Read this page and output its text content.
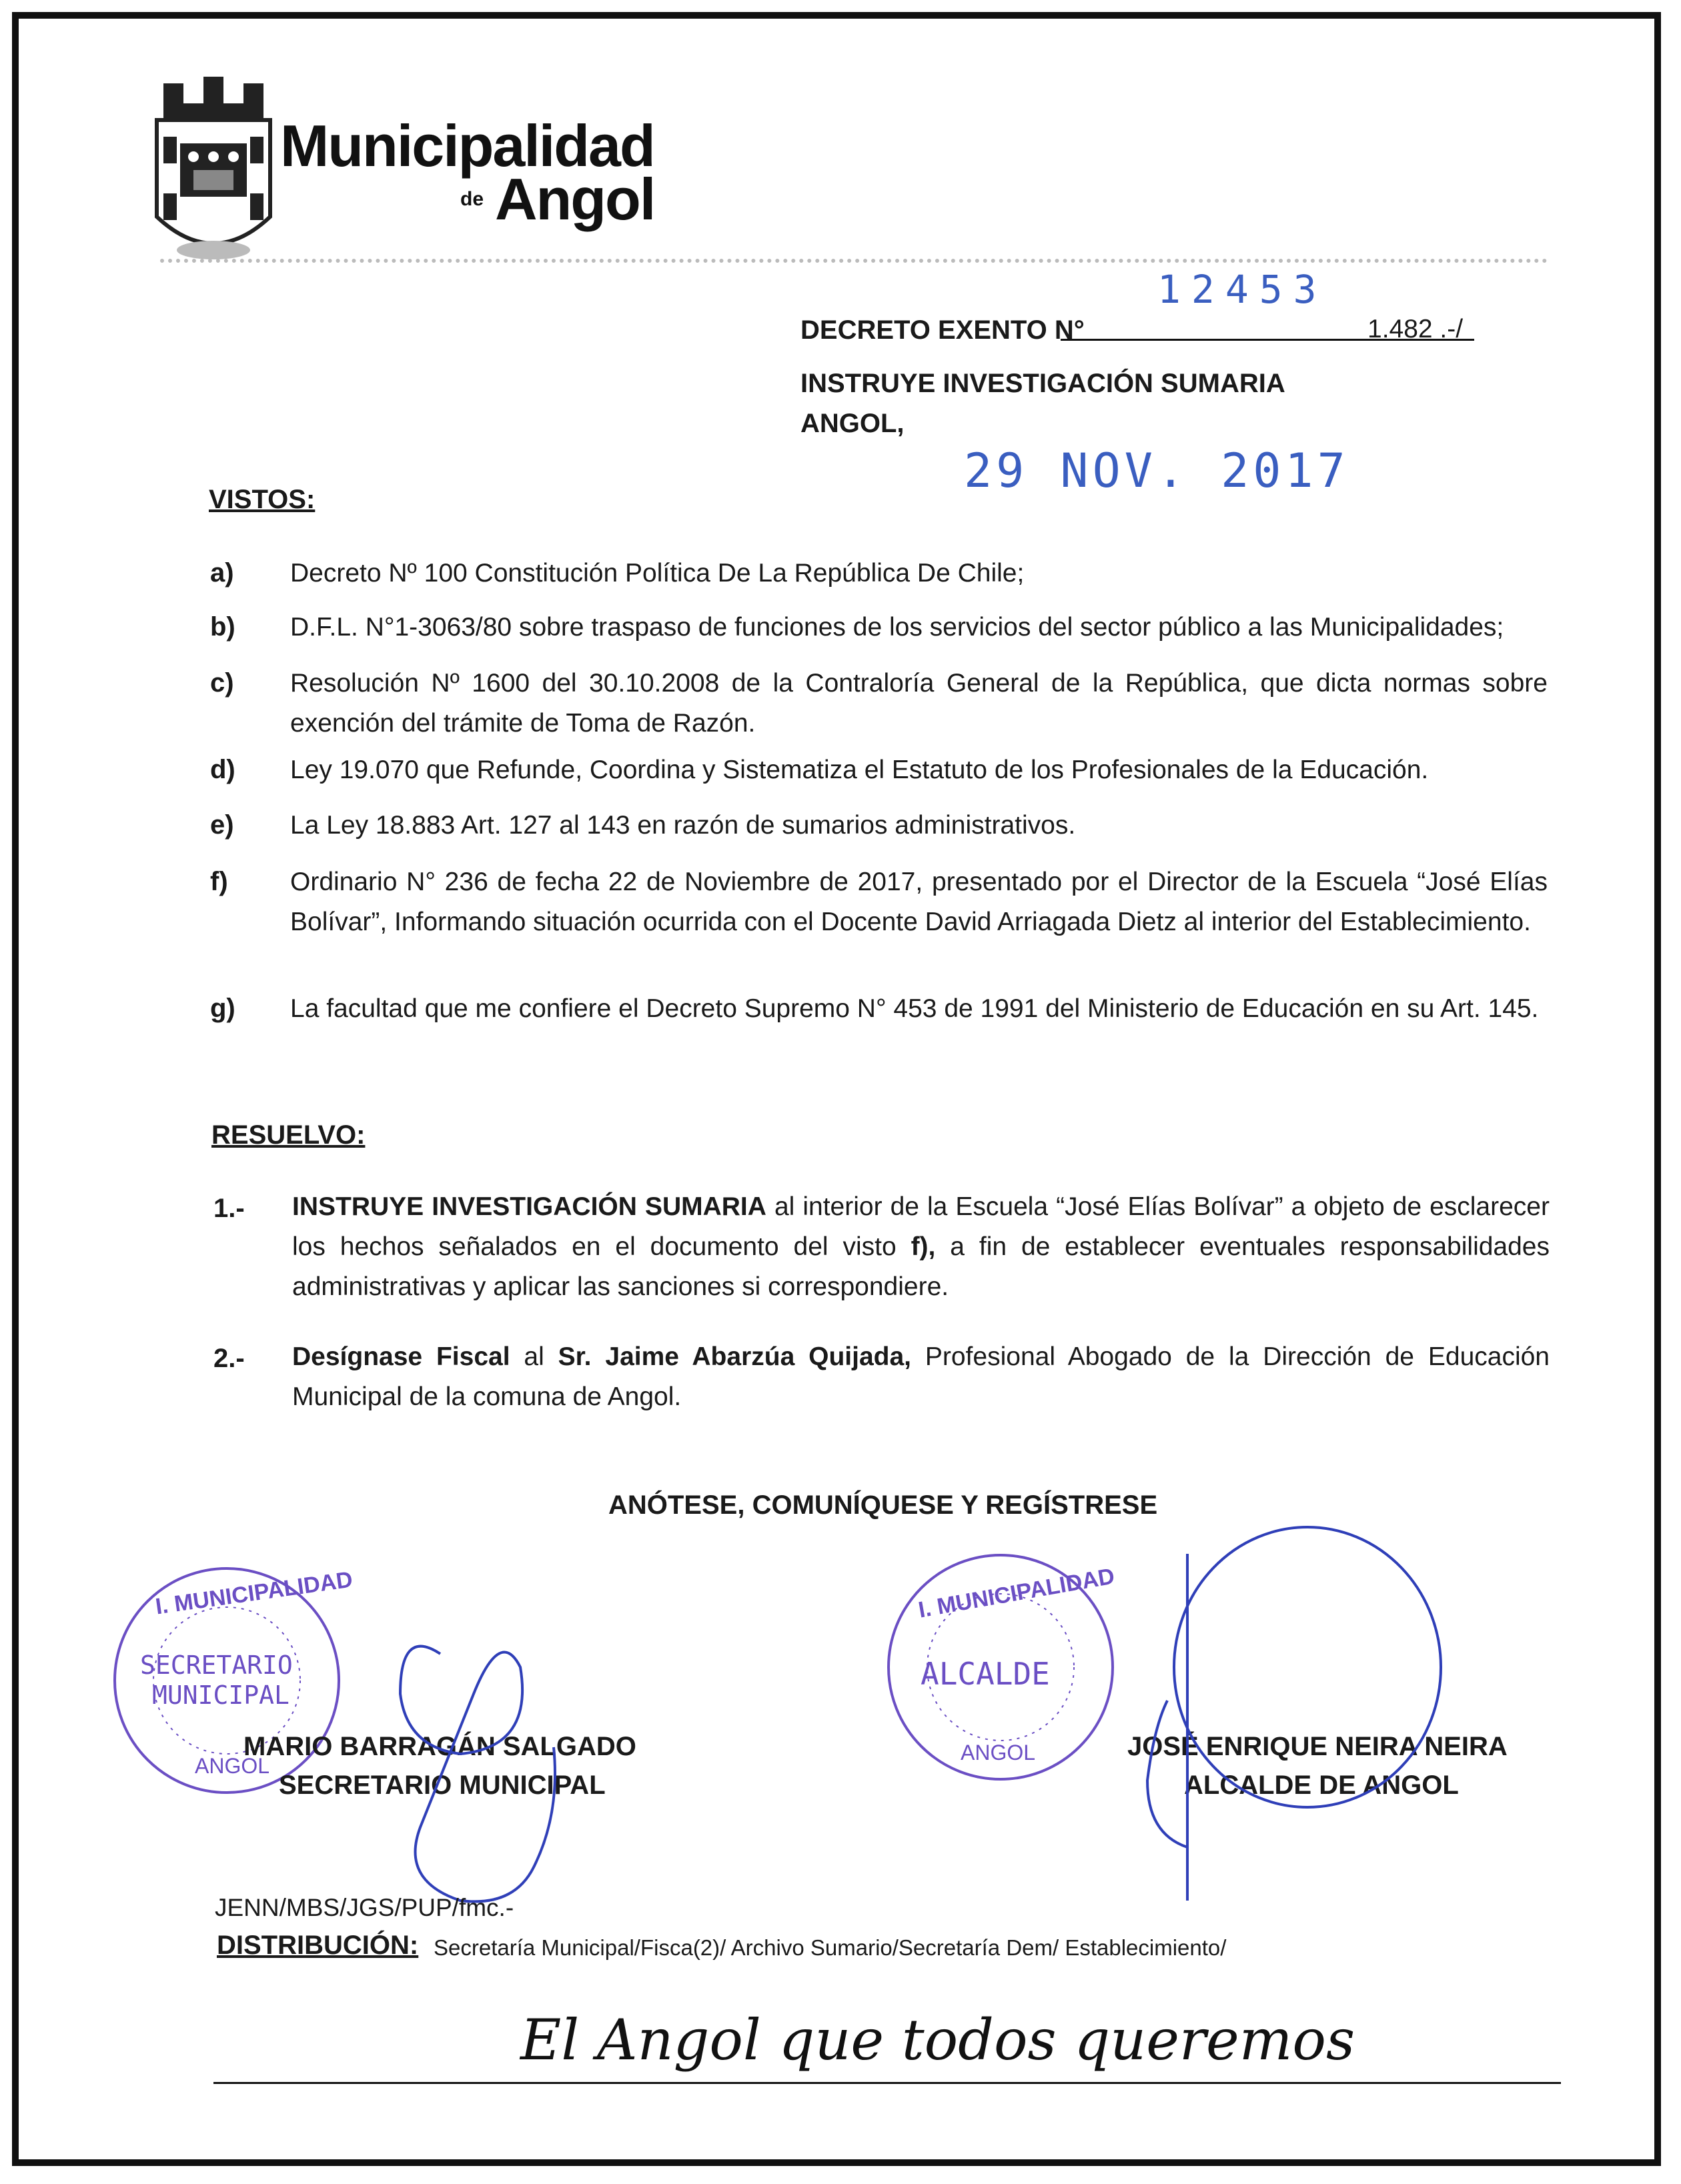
Municipalidad
de Angol
12453
DECRETO EXENTO N°	1.482 .-/
INSTRUYE INVESTIGACIÓN SUMARIA
ANGOL,
29 NOV. 2017
VISTOS:
a) Decreto Nº 100 Constitución Política De La República De Chile;
b) D.F.L. N°1-3063/80 sobre traspaso de funciones de los servicios del sector público a las Municipalidades;
c) Resolución Nº 1600 del 30.10.2008 de la Contraloría General de la República, que dicta normas sobre exención del trámite de Toma de Razón.
d) Ley 19.070 que Refunde, Coordina y Sistematiza el Estatuto de los Profesionales de la Educación.
e) La Ley 18.883 Art. 127 al 143 en razón de sumarios administrativos.
f) Ordinario N° 236 de fecha 22 de Noviembre de 2017, presentado por el Director de la Escuela “José Elías Bolívar”, Informando situación ocurrida con el Docente David Arriagada Dietz al interior del Establecimiento.
g) La facultad que me confiere el Decreto Supremo N° 453 de 1991 del Ministerio de Educación en su Art. 145.
RESUELVO:
1.- INSTRUYE INVESTIGACIÓN SUMARIA al interior de la Escuela “José Elías Bolívar” a objeto de esclarecer los hechos señalados en el documento del visto f), a fin de establecer eventuales responsabilidades administrativas y aplicar las sanciones si correspondiere.
2.- Desígnase Fiscal al Sr. Jaime Abarzúa Quijada, Profesional Abogado de la Dirección de Educación Municipal de la comuna de Angol.
ANÓTESE, COMUNÍQUESE Y REGÍSTRESE
I. MUNICIPALIDAD
SECRETARIO
MUNICIPAL
ANGOL
I. MUNICIPALIDAD
ALCALDE
ANGOL
MARIO BARRAGÁN SALGADO
SECRETARIO MUNICIPAL
JOSÉ ENRIQUE NEIRA NEIRA
ALCALDE DE ANGOL
JENN/MBS/JGS/PUP/fmc.-
DISTRIBUCIÓN: Secretaría Municipal/Fisca(2)/ Archivo Sumario/Secretaría Dem/ Establecimiento/
El Angol que todos queremos
